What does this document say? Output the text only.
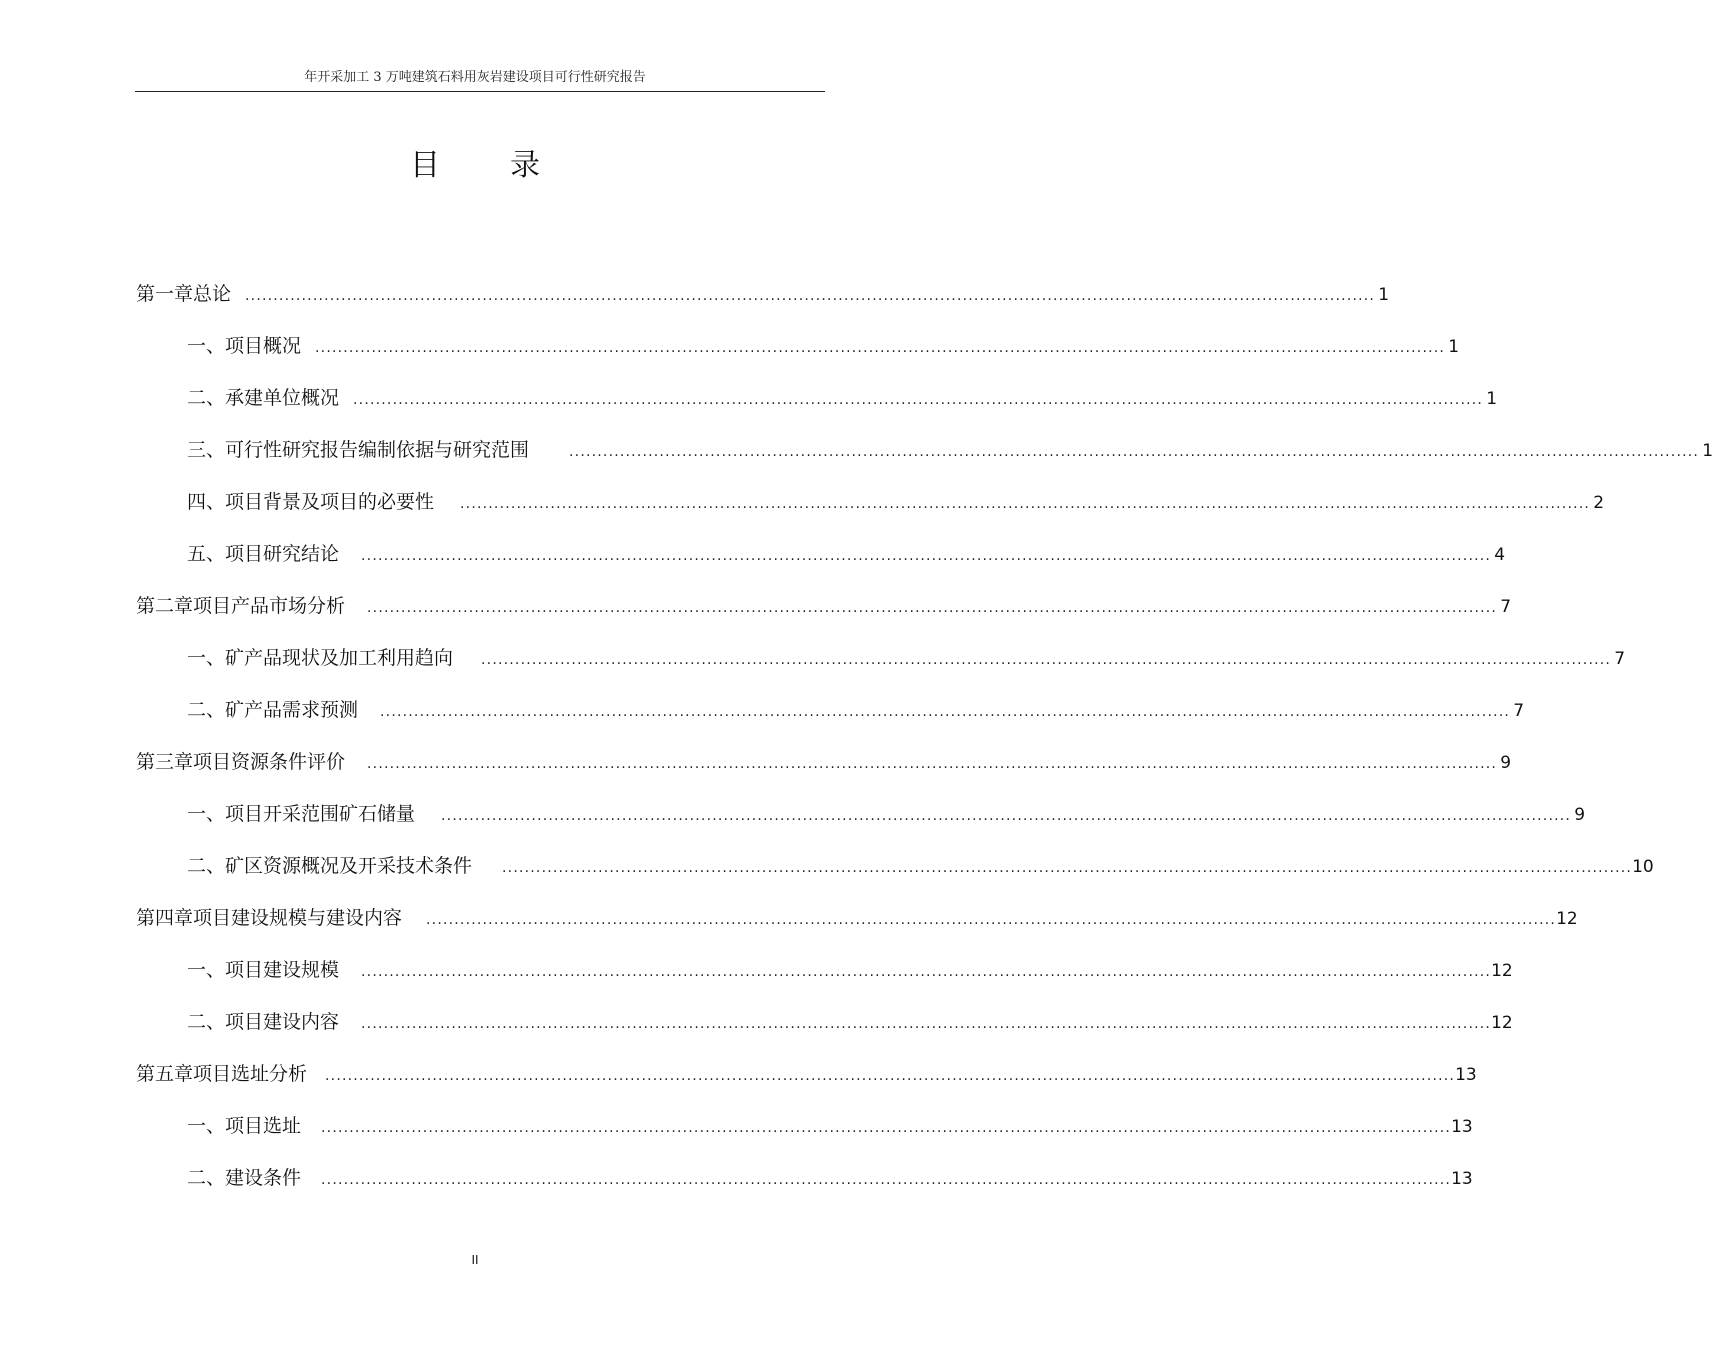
年开采加工 3 万吨建筑石料用灰岩建设项目可行性研究报告
目录
第一章 总论 ........................................................................................................................................................................................................ 1
一、项目概况 ........................................................................................................................................................................................................ 1
二、承建单位概况 ........................................................................................................................................................................................................ 1
三、可行性研究报告编制依据与研究范围	........................................................................................................................................................................................................ 1
四、项目背景及项目的必要性 ........................................................................................................................................................................................................ 2
五、项目研究结论 ........................................................................................................................................................................................................ 4
第二章 项目产品市场分析 ........................................................................................................................................................................................................ 7
一、矿产品现状及加工利用趋向 ........................................................................................................................................................................................................ 7
二、矿产品需求预测 ........................................................................................................................................................................................................ 7
第三章 项目资源条件评价 ........................................................................................................................................................................................................ 9
一、项目开采范围矿石储量 ........................................................................................................................................................................................................ 9
二、矿区资源概况及开采技术条件 ........................................................................................................................................................................................................ 10
第四章 项目建设规模与建设内容 ........................................................................................................................................................................................................ 12
一、项目建设规模 ........................................................................................................................................................................................................ 12
二、项目建设内容 ........................................................................................................................................................................................................ 12
第五章 项目选址分析 ........................................................................................................................................................................................................ 13
一、项目选址 ........................................................................................................................................................................................................ 13
二、建设条件 ........................................................................................................................................................................................................ 13
II
